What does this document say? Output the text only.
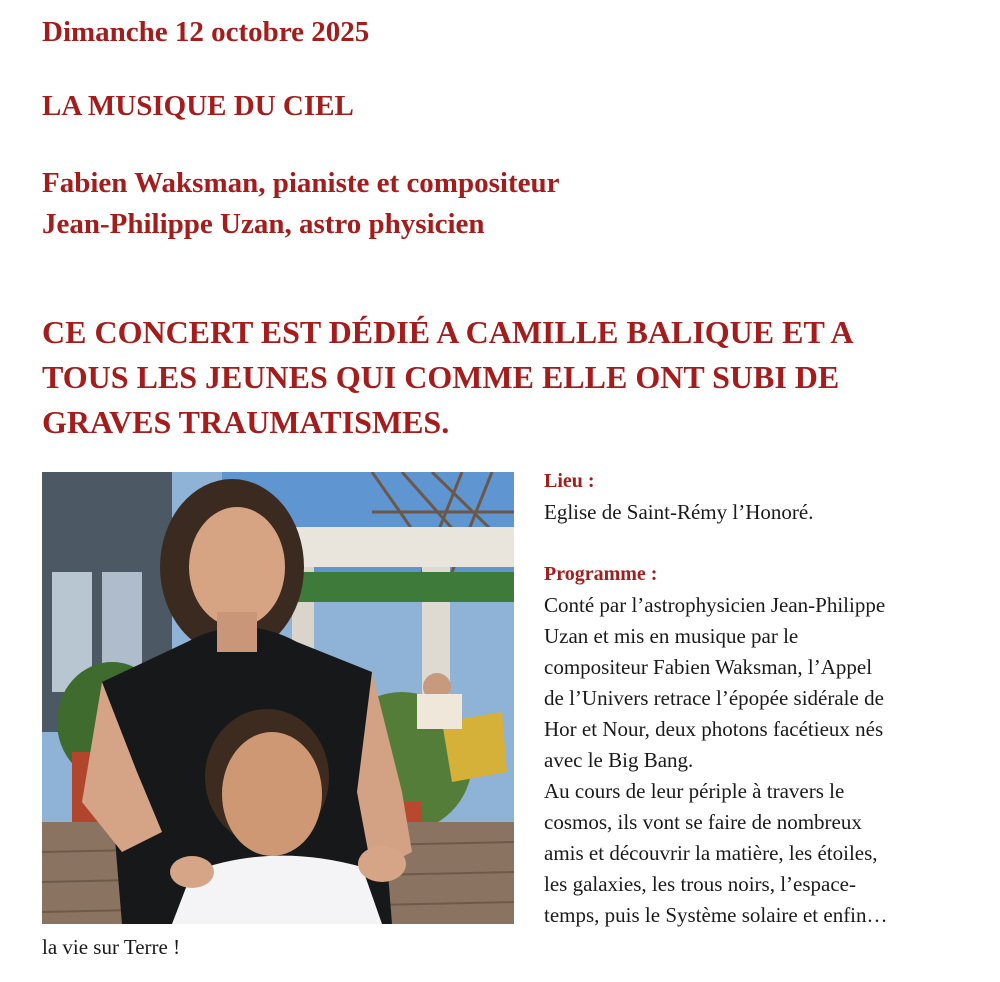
Dimanche 12 octobre 2025
LA MUSIQUE DU CIEL
Fabien Waksman, pianiste et compositeur
Jean-Philippe Uzan, astro physicien
CE CONCERT EST DÉDIÉ A CAMILLE BALIQUE ET A
TOUS LES JEUNES QUI COMME ELLE ONT SUBI DE
GRAVES TRAUMATISMES.
Lieu :
Eglise de Saint-Rémy l’Honoré.
Programme :
Conté par l’astrophysicien Jean-Philippe
Uzan et mis en musique par le
compositeur Fabien Waksman, l’Appel
de l’Univers retrace l’épopée sidérale de
Hor et Nour, deux photons facétieux nés
avec le Big Bang.
Au cours de leur périple à travers le
cosmos, ils vont se faire de nombreux
amis et découvrir la matière, les étoiles,
les galaxies, les trous noirs, l’espace-
temps, puis le Système solaire et enfin…
la vie sur Terre !
